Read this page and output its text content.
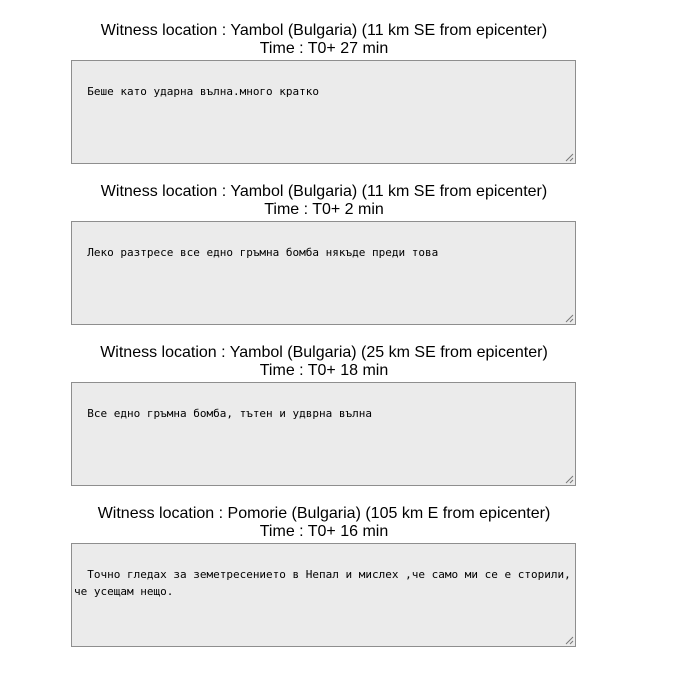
Witness location : Yambol (Bulgaria) (11 km SE from epicenter)

Time : T0+ 27 min

Беше като ударна вълна.много кратко

Witness location : Yambol (Bulgaria) (11 km SE from epicenter)

Time : T0+ 2 min

Леко разтресе все едно гръмна бомба някъде преди това

Witness location : Yambol (Bulgaria) (25 km SE from epicenter)

Time : T0+ 18 min

Все едно гръмна бомба, тътен и удврна вълна

Witness location : Pomorie (Bulgaria) (105 km E from epicenter)

Time : T0+ 16 min

Точно гледах за земетресението в Непал и мислех ,че само ми се е сторили, че усещам нещо.
